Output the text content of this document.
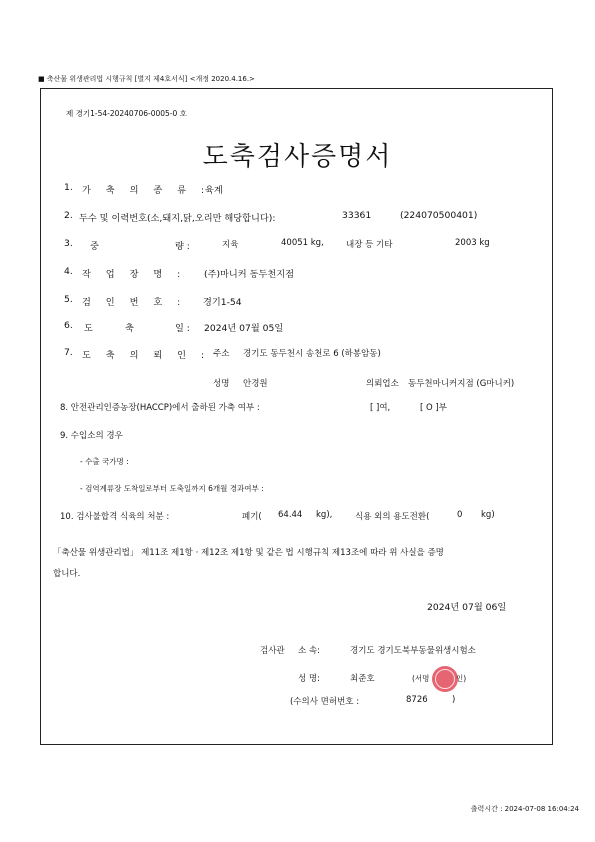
■ 축산물 위생관리법 시행규칙 [별지 제4호서식] <개정 2020.4.16.>
제 경기1-54-20240706-0005-0 호
도축검사증명서
1. 가 축 의 종 류 :
육계
2. 두수 및 이력번호(소,돼지,닭,오리만 해당합니다):	33361	(224070500401)
3. 중	량 :	지육	40051 kg,	내장 등 기타	2003 kg
4. 작 업 장 명 : (주)마니커 동두천지점
5. 검 인 번 호 : 경기1-54
6. 도	축	일 : 2024년 07월 05일
7. 도 축 의 뢰 인 : 주소 경기도 동두천시 송천로 6 (하봉암동)
성명 안경원	의뢰업소 동두천마니커지점 (G마니커)
8. 안전관리인증농장(HACCP)에서 출하된 가축 여부 :	[ ]여,	[ O ]부
9. 수입소의 경우
- 수출 국가명 :
- 검역계류장 도착일로부터 도축일까지 6개월 경과여부 :
10. 검사불합격 식육의 처분 :	폐기( 64.44 kg),	식용 외의 용도전환(	0 kg)
「축산물 위생관리법」 제11조 제1항 · 제12조 제1항 및 같은 법 시행규칙 제13조에 따라 위 사실을 증명
합니다.
2024년 07월 06일
검사관 소 속:	경기도 경기도북부동물위생시험소
성 명:	최준호	(서명	인)
(수의사 면허번호 :	8726	)
출력시간 : 2024-07-08 16:04:24
